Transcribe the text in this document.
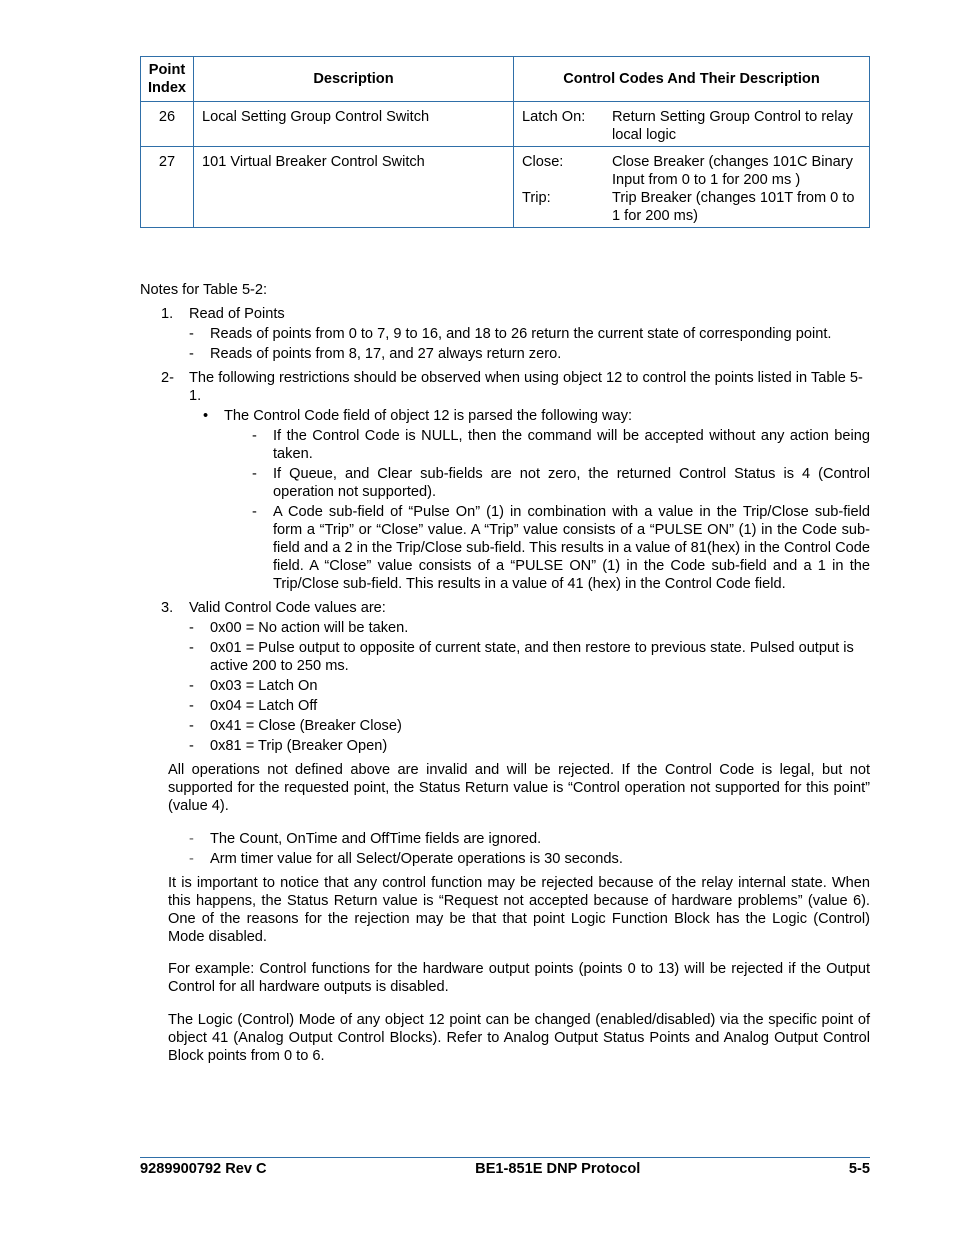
Point Index	Description	Control Codes And Their Description
26	Local Setting Group Control Switch	Latch On: Return Setting Group Control to relay local logic

27	101 Virtual Breaker Control Switch	Close: Close Breaker (changes 101C Binary Input from 0 to 1 for 200 ms )
Trip: Trip Breaker (changes 101T from 0 to 1 for 200 ms)

Notes for Table 5-2:

1.	Read of Points
-	Reads of points from 0 to 7, 9 to 16, and 18 to 26 return the current state of corresponding point.
-	Reads of points from 8, 17, and 27 always return zero.
2-	The following restrictions should be observed when using object 12 to control the points listed in Table 5-1.
•	The Control Code field of object 12 is parsed the following way:
-	If the Control Code is NULL, then the command will be accepted without any action being taken.
-	If Queue, and Clear sub-fields are not zero, the returned Control Status is 4 (Control operation not supported).
-	A Code sub-field of “Pulse On” (1) in combination with a value in the Trip/Close sub-field form a “Trip” or “Close” value. A “Trip” value consists of a “PULSE ON” (1) in the Code sub-field and a 2 in the Trip/Close sub-field. This results in a value of 81(hex) in the Control Code field. A “Close” value consists of a “PULSE ON” (1) in the Code sub-field and a 1 in the Trip/Close sub-field. This results in a value of 41 (hex) in the Control Code field.
3.	Valid Control Code values are:
-	0x00 = No action will be taken.
-	0x01 = Pulse output to opposite of current state, and then restore to previous state. Pulsed output is active 200 to 250 ms.
-	0x03 = Latch On
-	0x04 = Latch Off
-	0x41 = Close (Breaker Close)
-	0x81 = Trip (Breaker Open)

All operations not defined above are invalid and will be rejected. If the Control Code is legal, but not supported for the requested point, the Status Return value is “Control operation not supported for this point” (value 4).

-	The Count, OnTime and OffTime fields are ignored.
-	Arm timer value for all Select/Operate operations is 30 seconds.

It is important to notice that any control function may be rejected because of the relay internal state. When this happens, the Status Return value is “Request not accepted because of hardware problems” (value 6). One of the reasons for the rejection may be that that point Logic Function Block has the Logic (Control) Mode disabled.

For example: Control functions for the hardware output points (points 0 to 13) will be rejected if the Output Control for all hardware outputs is disabled.

The Logic (Control) Mode of any object 12 point can be changed (enabled/disabled) via the specific point of object 41 (Analog Output Control Blocks). Refer to Analog Output Status Points and Analog Output Control Block points from 0 to 6.

9289900792 Rev C	BE1-851E DNP Protocol	5-5
